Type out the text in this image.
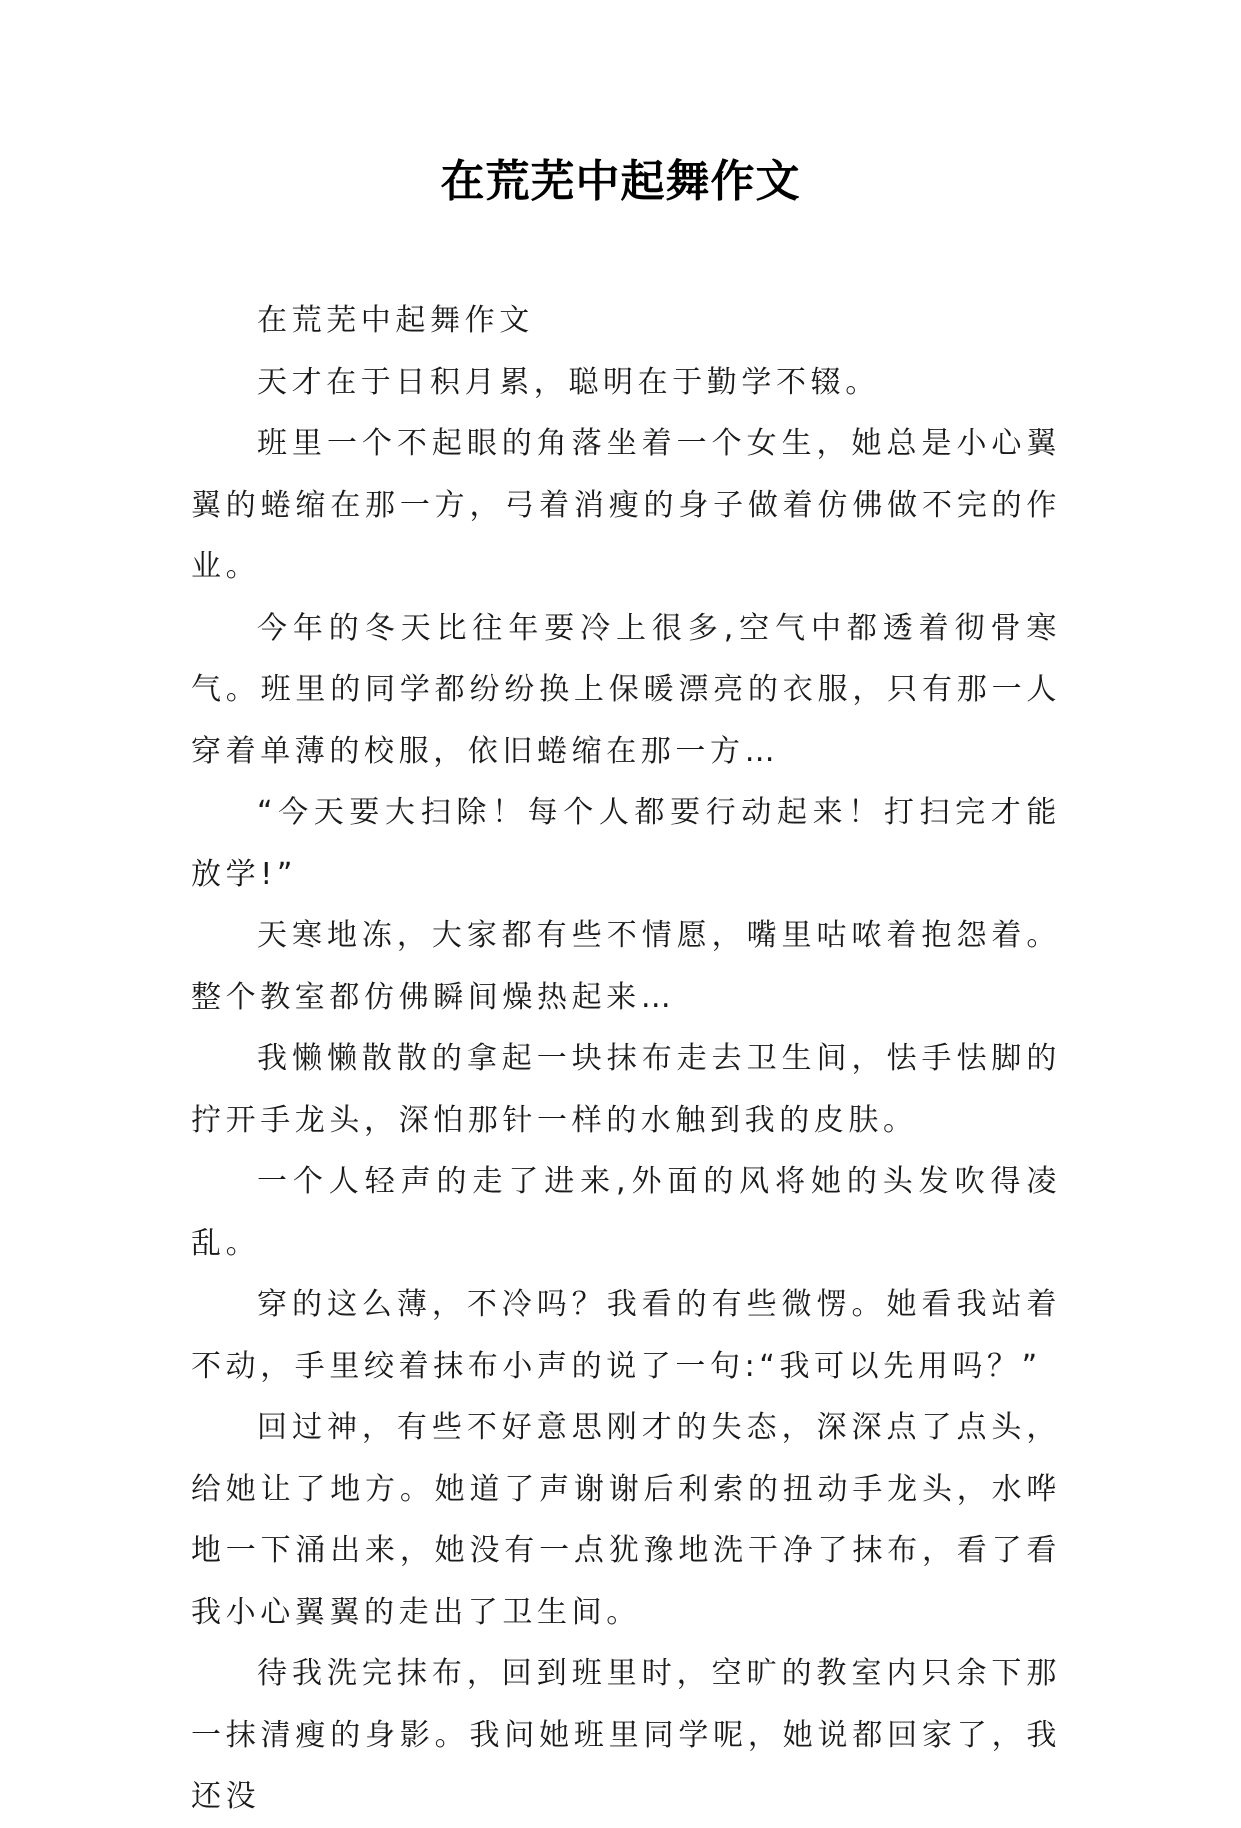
在荒芜中起舞作文

在荒芜中起舞作文

天才在于日积月累，聪明在于勤学不辍。

班里一个不起眼的角落坐着一个女生，她总是小心翼翼的蜷缩在那一方，弓着消瘦的身子做着仿佛做不完的作业。

今年的冬天比往年要冷上很多,空气中都透着彻骨寒气。班里的同学都纷纷换上保暖漂亮的衣服，只有那一人穿着单薄的校服，依旧蜷缩在那一方…

“今天要大扫除！每个人都要行动起来！打扫完才能放学!”

天寒地冻，大家都有些不情愿，嘴里咕哝着抱怨着。整个教室都仿佛瞬间燥热起来…

我懒懒散散的拿起一块抹布走去卫生间，怯手怯脚的拧开手龙头，深怕那针一样的水触到我的皮肤。

一个人轻声的走了进来,外面的风将她的头发吹得凌乱。

穿的这么薄，不冷吗？我看的有些微愣。她看我站着不动，手里绞着抹布小声的说了一句:“我可以先用吗？”

回过神，有些不好意思刚才的失态，深深点了点头，给她让了地方。她道了声谢谢后利索的扭动手龙头，水哗地一下涌出来，她没有一点犹豫地洗干净了抹布，看了看我小心翼翼的走出了卫生间。

待我洗完抹布，回到班里时，空旷的教室内只余下那一抹清瘦的身影。我问她班里同学呢，她说都回家了，我还没
